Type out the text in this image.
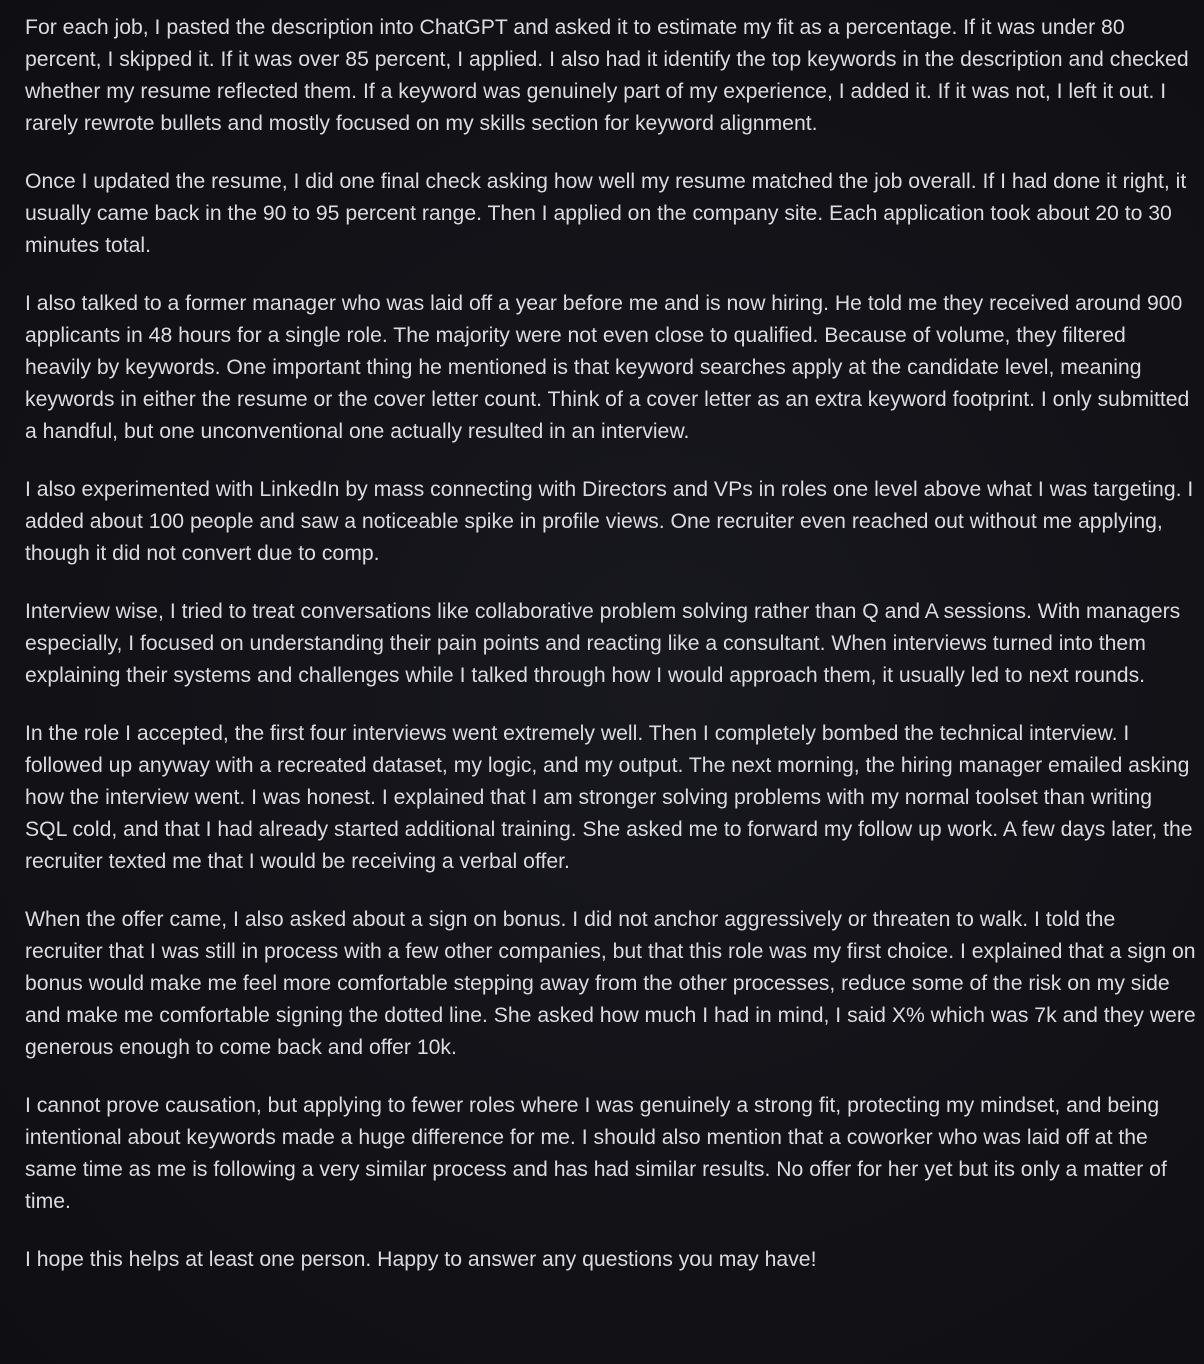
For each job, I pasted the description into ChatGPT and asked it to estimate my fit as a percentage. If it was under 80 percent, I skipped it. If it was over 85 percent, I applied. I also had it identify the top keywords in the description and checked whether my resume reflected them. If a keyword was genuinely part of my experience, I added it. If it was not, I left it out. I rarely rewrote bullets and mostly focused on my skills section for keyword alignment.

Once I updated the resume, I did one final check asking how well my resume matched the job overall. If I had done it right, it usually came back in the 90 to 95 percent range. Then I applied on the company site. Each application took about 20 to 30 minutes total.

I also talked to a former manager who was laid off a year before me and is now hiring. He told me they received around 900 applicants in 48 hours for a single role. The majority were not even close to qualified. Because of volume, they filtered heavily by keywords. One important thing he mentioned is that keyword searches apply at the candidate level, meaning keywords in either the resume or the cover letter count. Think of a cover letter as an extra keyword footprint. I only submitted a handful, but one unconventional one actually resulted in an interview.

I also experimented with LinkedIn by mass connecting with Directors and VPs in roles one level above what I was targeting. I added about 100 people and saw a noticeable spike in profile views. One recruiter even reached out without me applying, though it did not convert due to comp.

Interview wise, I tried to treat conversations like collaborative problem solving rather than Q and A sessions. With managers especially, I focused on understanding their pain points and reacting like a consultant. When interviews turned into them explaining their systems and challenges while I talked through how I would approach them, it usually led to next rounds.

In the role I accepted, the first four interviews went extremely well. Then I completely bombed the technical interview. I followed up anyway with a recreated dataset, my logic, and my output. The next morning, the hiring manager emailed asking how the interview went. I was honest. I explained that I am stronger solving problems with my normal toolset than writing SQL cold, and that I had already started additional training. She asked me to forward my follow up work. A few days later, the recruiter texted me that I would be receiving a verbal offer.

When the offer came, I also asked about a sign on bonus. I did not anchor aggressively or threaten to walk. I told the recruiter that I was still in process with a few other companies, but that this role was my first choice. I explained that a sign on bonus would make me feel more comfortable stepping away from the other processes, reduce some of the risk on my side and make me comfortable signing the dotted line. She asked how much I had in mind, I said X% which was 7k and they were generous enough to come back and offer 10k.

I cannot prove causation, but applying to fewer roles where I was genuinely a strong fit, protecting my mindset, and being intentional about keywords made a huge difference for me. I should also mention that a coworker who was laid off at the same time as me is following a very similar process and has had similar results. No offer for her yet but its only a matter of time.

I hope this helps at least one person. Happy to answer any questions you may have!
